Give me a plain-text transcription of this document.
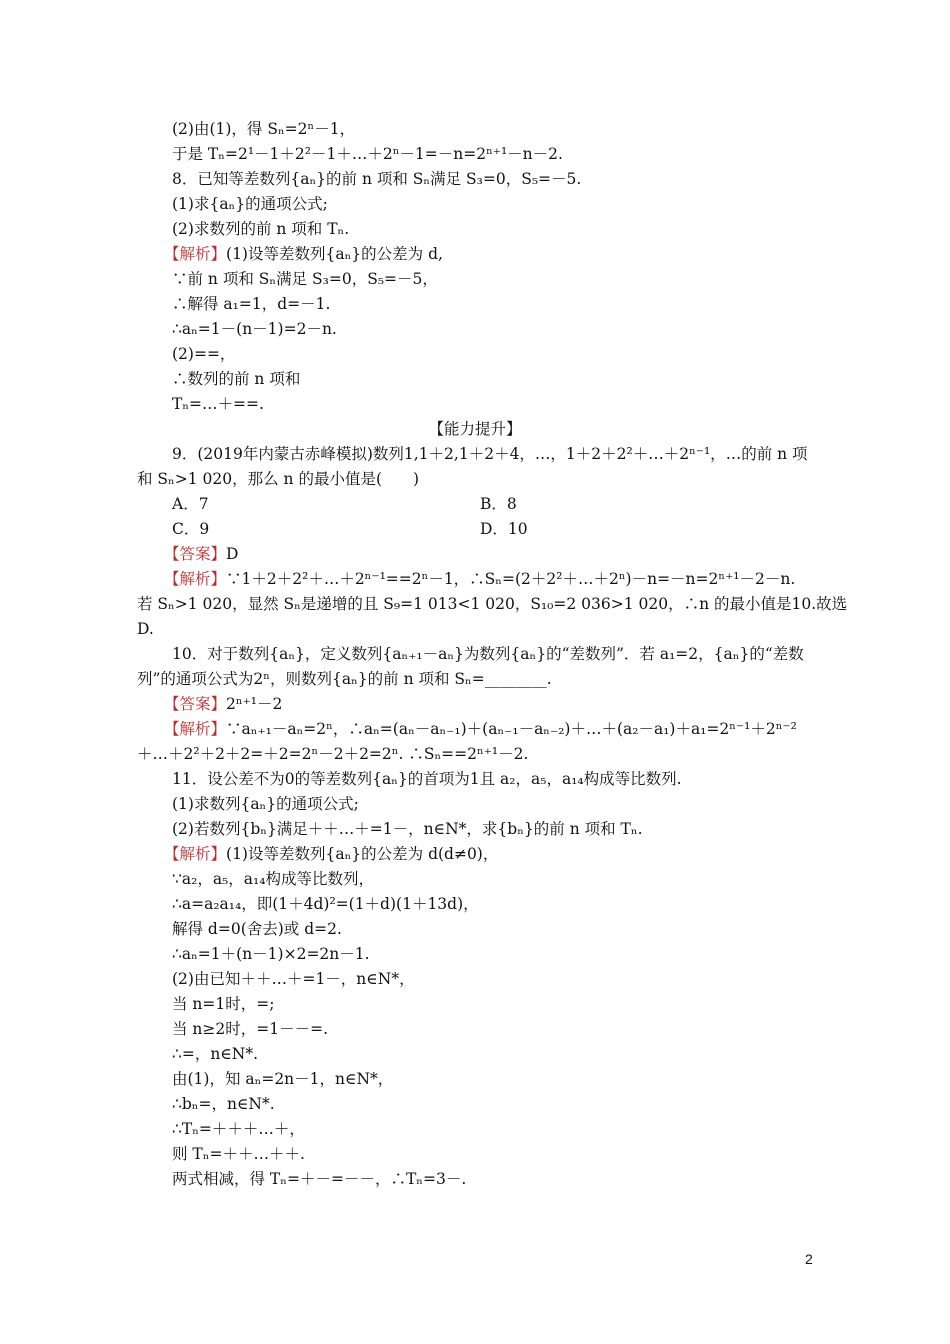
(2)由(1)，得 Sₙ=2ⁿ－1，
于是 Tₙ=2¹－1＋2²－1＋…＋2ⁿ－1=－n=2ⁿ⁺¹－n－2.
8．已知等差数列{aₙ}的前 n 项和 Sₙ满足 S₃=0，S₅=－5.
(1)求{aₙ}的通项公式;
(2)求数列的前 n 项和 Tₙ.
【解析】(1)设等差数列{aₙ}的公差为 d,
∵前 n 项和 Sₙ满足 S₃=0，S₅=－5，
∴解得 a₁=1，d=－1.
∴aₙ=1－(n－1)=2－n.
(2)==，
∴数列的前 n 项和
Tₙ=…＋==.
【能力提升】
9．(2019年内蒙古赤峰模拟)数列1,1＋2,1＋2＋4，…，1＋2＋2²＋…＋2ⁿ⁻¹，…的前 n 项
和 Sₙ>1 020，那么 n 的最小值是(　　)
A．7	B．8
C．9	D．10
【答案】D
【解析】∵1＋2＋2²＋…＋2ⁿ⁻¹==2ⁿ－1，∴Sₙ=(2＋2²＋…＋2ⁿ)－n=－n=2ⁿ⁺¹－2－n.
若 Sₙ>1 020，显然 Sₙ是递增的且 S₉=1 013<1 020，S₁₀=2 036>1 020，∴n 的最小值是10.故选
D.
10．对于数列{aₙ}，定义数列{aₙ₊₁－aₙ}为数列{aₙ}的“差数列”．若 a₁=2，{aₙ}的“差数
列”的通项公式为2ⁿ，则数列{aₙ}的前 n 项和 Sₙ=________.
【答案】2ⁿ⁺¹－2
【解析】∵aₙ₊₁－aₙ=2ⁿ，∴aₙ=(aₙ－aₙ₋₁)＋(aₙ₋₁－aₙ₋₂)＋…＋(a₂－a₁)＋a₁=2ⁿ⁻¹＋2ⁿ⁻²
＋…＋2²＋2＋2=＋2=2ⁿ－2＋2=2ⁿ. ∴Sₙ==2ⁿ⁺¹－2.
11．设公差不为0的等差数列{aₙ}的首项为1且 a₂，a₅，a₁₄构成等比数列.
(1)求数列{aₙ}的通项公式;
(2)若数列{bₙ}满足＋＋…＋=1－，n∈N*，求{bₙ}的前 n 项和 Tₙ.
【解析】(1)设等差数列{aₙ}的公差为 d(d≠0)，
∵a₂，a₅，a₁₄构成等比数列，
∴a=a₂a₁₄，即(1＋4d)²=(1＋d)(1＋13d)，
解得 d=0(舍去)或 d=2.
∴aₙ=1＋(n－1)×2=2n－1.
(2)由已知＋＋…＋=1－，n∈N*，
当 n=1时，=;
当 n≥2时，=1－－=.
∴=，n∈N*.
由(1)，知 aₙ=2n－1，n∈N*，
∴bₙ=，n∈N*.
∴Tₙ=＋＋＋…＋，
则 Tₙ=＋＋…＋＋.
两式相减，得 Tₙ=＋－=－－，∴Tₙ=3－.
2
